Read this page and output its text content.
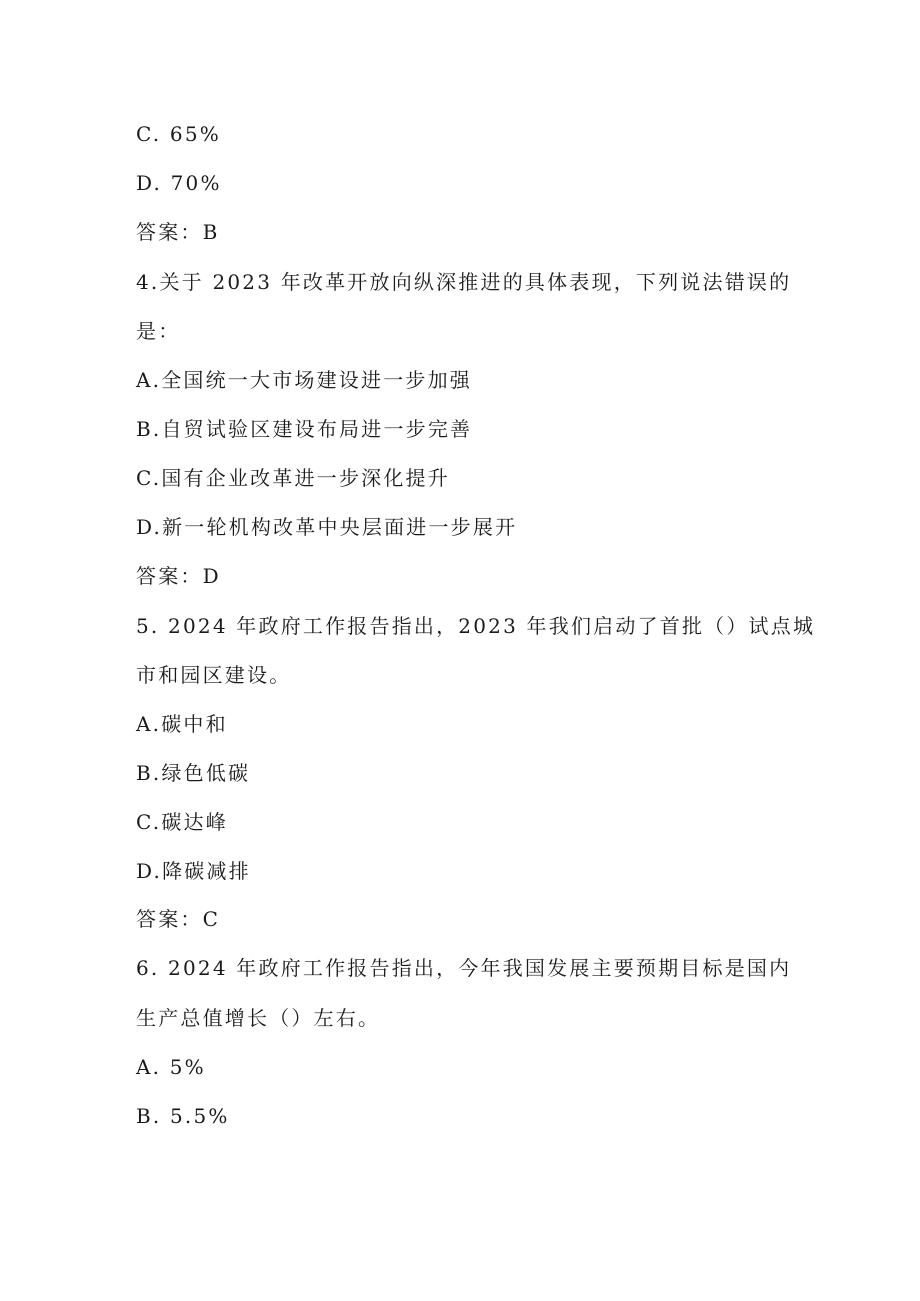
C. 65%

D. 70%

答案：B

4.关于 2023 年改革开放向纵深推进的具体表现，下列说法错误的

是：

A.全国统一大市场建设进一步加强

B.自贸试验区建设布局进一步完善

C.国有企业改革进一步深化提升

D.新一轮机构改革中央层面进一步展开

答案：D

5. 2024 年政府工作报告指出，2023 年我们启动了首批（）试点城

市和园区建设。

A.碳中和

B.绿色低碳

C.碳达峰

D.降碳减排

答案：C

6. 2024 年政府工作报告指出，今年我国发展主要预期目标是国内

生产总值增长（）左右。

A. 5%

B. 5.5%
